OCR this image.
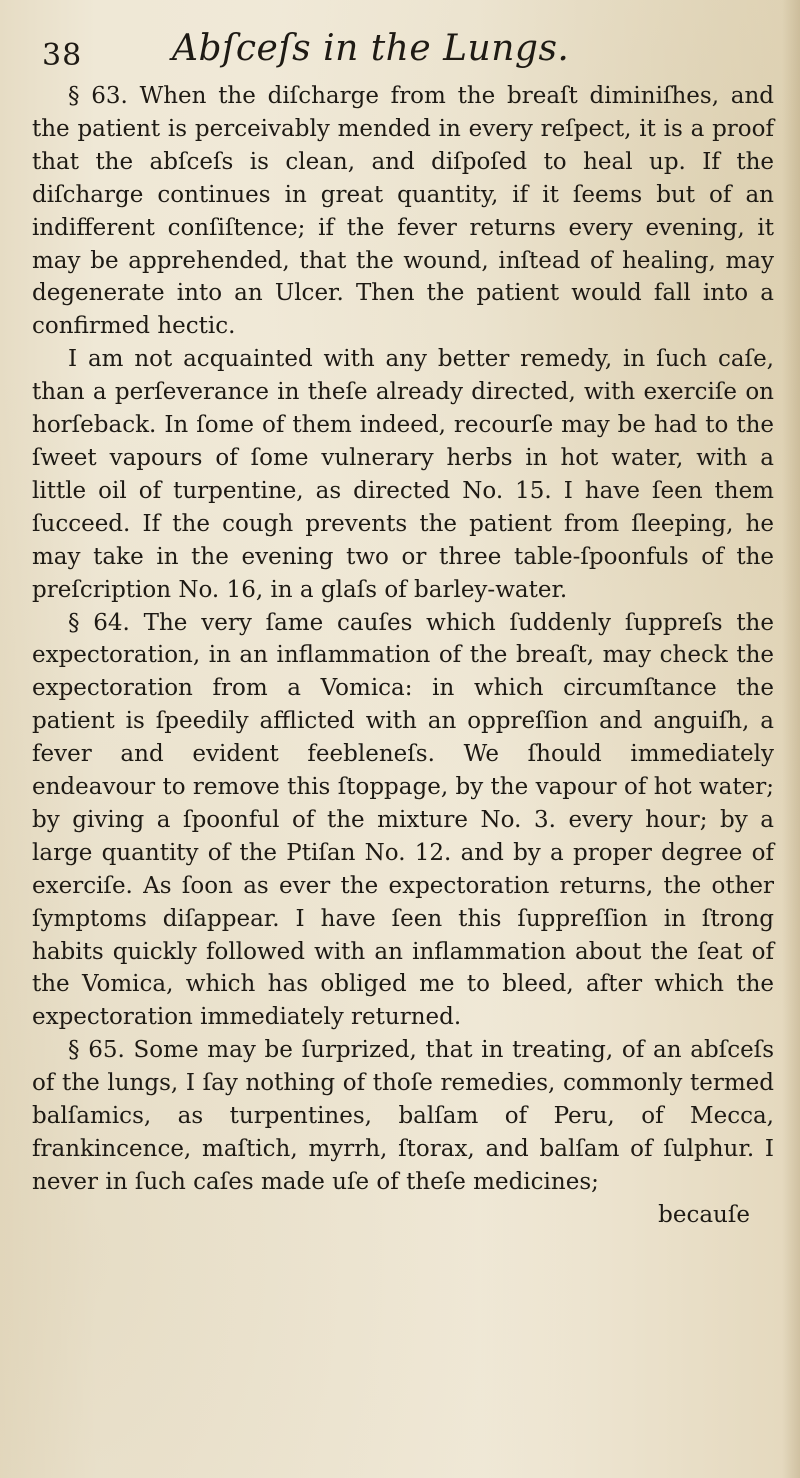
38 Abſceſs in the Lungs.

§ 63. When the diſcharge from the breaſt diminiſhes, and the patient is perceivably mended in every reſpect, it is a proof that the abſceſs is clean, and diſpoſed to heal up. If the diſcharge continues in great quantity, if it ſeems but of an indifferent conſiſtence; if the fever returns every evening, it may be apprehended, that the wound, inſtead of healing, may degenerate into an Ulcer. Then the patient would fall into a confirmed hectic.

I am not acquainted with any better remedy, in ſuch caſe, than a perſeverance in theſe already directed, with exerciſe on horſeback. In ſome of them indeed, recourſe may be had to the ſweet vapours of ſome vulnerary herbs in hot water, with a little oil of turpentine, as directed No. 15. I have ſeen them ſucceed. If the cough prevents the patient from ſleeping, he may take in the evening two or three table-ſpoonfuls of the preſcription No. 16, in a glaſs of barley-water.

§ 64. The very ſame cauſes which ſuddenly ſuppreſs the expectoration, in an inflammation of the breaſt, may check the expectoration from a Vomica: in which circumſtance the patient is ſpeedily afflicted with an oppreſſion and anguiſh, a fever and evident feebleneſs. We ſhould immediately endeavour to remove this ſtoppage, by the vapour of hot water; by giving a ſpoonful of the mixture No. 3. every hour; by a large quantity of the Ptiſan No. 12. and by a proper degree of exerciſe. As ſoon as ever the expectoration returns, the other ſymptoms diſappear. I have ſeen this ſuppreſſion in ſtrong habits quickly followed with an inflammation about the ſeat of the Vomica, which has obliged me to bleed, after which the expectoration immediately returned.

§ 65. Some may be ſurprized, that in treating, of an abſceſs of the lungs, I ſay nothing of thoſe remedies, commonly termed balſamics, as turpentines, balſam of Peru, of Mecca, frankincence, maſtich, myrrh, ſtorax, and balſam of ſulphur. I never in ſuch caſes made uſe of theſe medicines;

becauſe
